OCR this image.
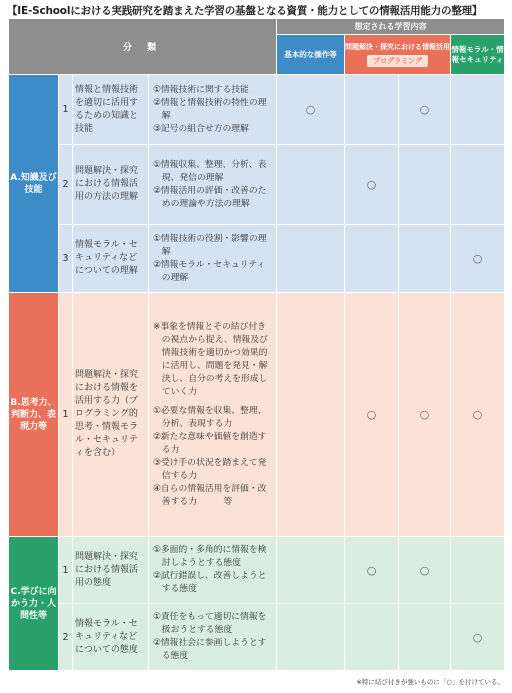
【IE-Schoolにおける実践研究を踏まえた学習の基盤となる資質・能力としての情報活用能力の整理】
分 類				想定される学習内容			
				基本的な操作等	問題解決・探究における情報活用
プログラミング		情報モラル・情報セキュリティ
A.知識及び技能	1	情報と情報技術を適切に活用するための知識と技能	①情報技術に関する技能
②情報と情報技術の特性の理解
③記号の組合せ方の理解	○		○	
	2	問題解決・探究における情報活用の方法の理解	①情報収集、整理、分析、表現、発信の理解
②情報活用の評価・改善のための理論や方法の理解		○		
	3	情報モラル・セキュリティなどについての理解	①情報技術の役割・影響の理解
②情報モラル・セキュリティの理解				○
B.思考力、判断力、表現力等	1	問題解決・探究における情報を活用する力（プログラミング的思考・情報モラル・セキュリティを含む）	※事象を情報とその結び付きの視点から捉え、情報及び情報技術を適切かつ効果的に活用し、問題を発見・解決し、自分の考えを形成していく力
①必要な情報を収集、整理、分析、表現する力
②新たな意味や価値を創造する力
③受け手の状況を踏まえて発信する力
④自らの情報活用を評価・改善する力　　　等		○	○	○
C.学びに向かう力・人間性等	1	問題解決・探究における情報活用の態度	①多面的・多角的に情報を検討しようとする態度
②試行錯誤し、改善しようとする態度		○	○	
	2	情報モラル・セキュリティなどについての態度	①責任をもって適切に情報を扱おうとする態度
②情報社会に参画しようとする態度				○
※特に結び付きが強いものに「○」を付けている。
